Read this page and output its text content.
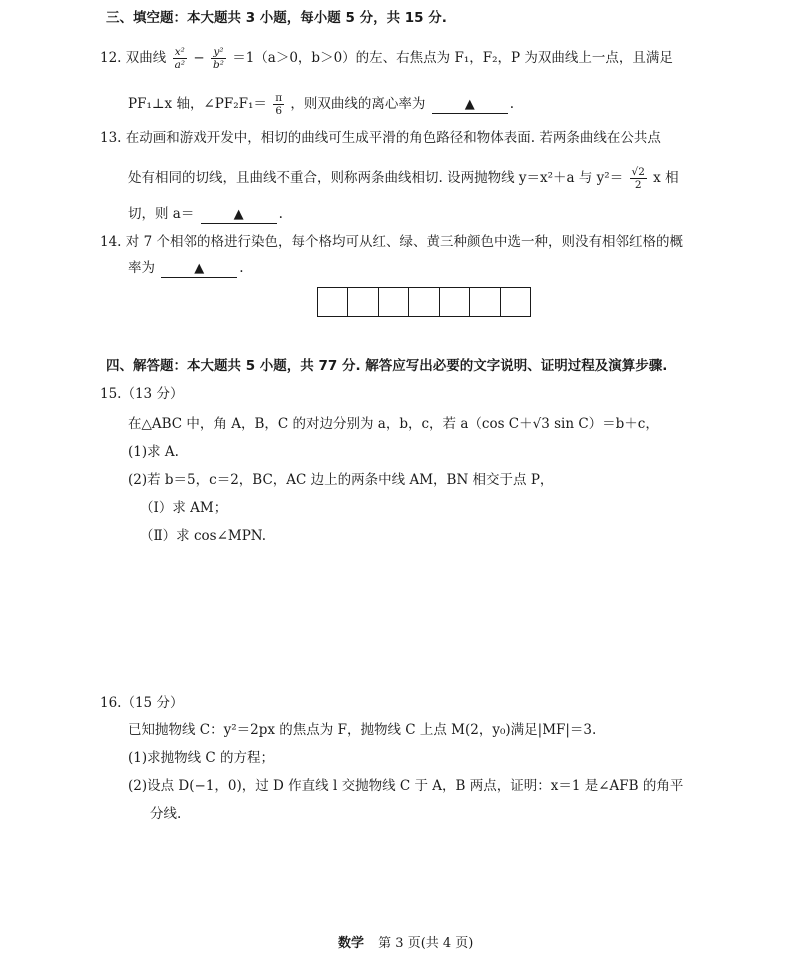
三、填空题：本大题共 3 小题，每小题 5 分，共 15 分.
12. 双曲线 $\frac{\text{x²}}{\text{a²}} - \frac{\text{y²}}{\text{b²}} =1(a>0$，b＞0）的左、右焦点为 F₁，F₂，P 为双曲线上一点，且满足
PF₁⊥x 轴，∠PF₂F₁＝ $\frac{\pi}{6}$ ，则双曲线的离心率为	▲	.
13. 在动画和游戏开发中，相切的曲线可生成平滑的角色路径和物体表面. 若两条曲线在公共点
处有相同的切线，且曲线不重合，则称两条曲线相切. 设两抛物线 y＝x²＋a 与 $y^2= \frac{√2}{2}$ x 相
切，则 a＝	▲	.
14. 对 7 个相邻的格进行染色，每个格均可从红、绿、黄三种颜色中选一种，则没有相邻红格的概
率为	▲	.
四、解答题：本大题共 5 小题，共 77 分. 解答应写出必要的文字说明、证明过程及演算步骤.
15.（13 分）
在△ABC 中，角 A，B，C 的对边分别为 a，b，c，若 a（cos C＋√3 sin C）＝b＋c，
(1)求 A.
(2)若 b＝5，c＝2，BC，AC 边上的两条中线 AM，BN 相交于点 P，
（Ⅰ）求 AM；
（Ⅱ）求 cos∠MPN.
16.（15 分）
已知抛物线 C：y²＝2px 的焦点为 F，抛物线 C 上点 M(2，y₀)满足|MF|＝3.
(1)求抛物线 C 的方程；
(2)设点 D(−1，0)，过 D 作直线 l 交抛物线 C 于 A，B 两点，证明：x＝1 是∠AFB 的角平
分线.
数学 第 3 页(共 4 页)
